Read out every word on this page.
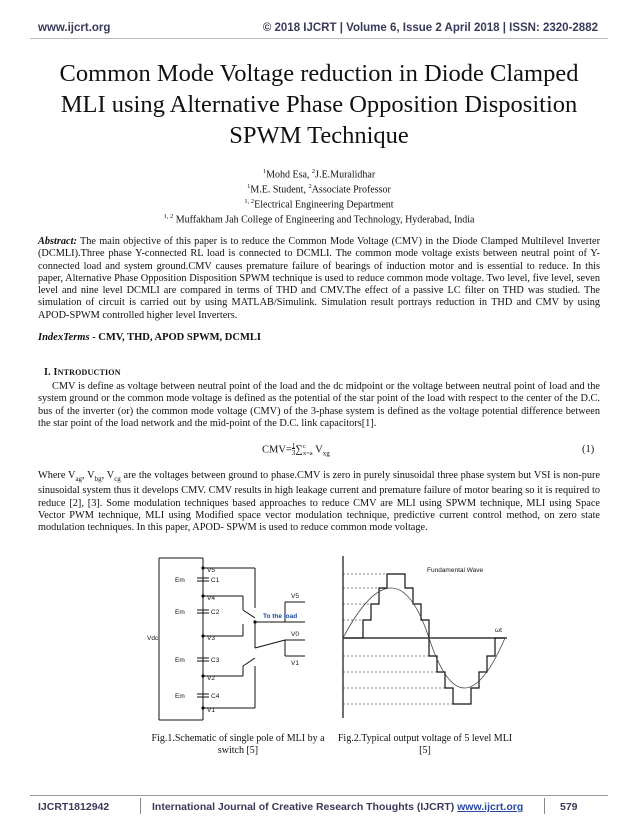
www.ijcrt.org	© 2018 IJCRT | Volume 6, Issue 2 April 2018 | ISSN: 2320-2882
Common Mode Voltage reduction in Diode Clamped MLI using Alternative Phase Opposition Disposition SPWM Technique
$^1$Mohd Esa, $^2$J.E.Muralidhar
$^1$M.E. Student, $^2$Associate Professor
$^{1, 2}$Electrical Engineering Department
$^{1, 2}$ Muffakham Jah College of Engineering and Technology, Hyderabad, India
Abstract: The main objective of this paper is to reduce the Common Mode Voltage (CMV) in the Diode Clamped Multilevel Inverter (DCMLI).Three phase Y-connected RL load is connected to DCMLI. The common mode voltage exists between neutral point of Y-connected load and system ground.CMV causes premature failure of bearings of induction motor and is essential to reduce. In this paper, Alternative Phase Opposition Disposition SPWM technique is used to reduce common mode voltage. Two level, five level, seven level and nine level DCMLI are compared in terms of THD and CMV.The effect of a passive LC filter on THD was studied. The simulation of circuit is carried out by using MATLAB/Simulink. Simulation result portrays reduction in THD and CMV by using APOD-SPWM controlled higher level Inverters.
IndexTerms - CMV, THD, APOD SPWM, DCMLI
I. INTRODUCTION
CMV is define as voltage between neutral point of the load and the dc midpoint or the voltage between neutral point of load and the system ground or the common mode voltage is defined as the potential of the star point of the load with respect to the center of the D.C. bus of the inverter (or) the common mode voltage (CMV) of the 3-phase system is defined as the voltage potential difference between the star point of the load network and the mid-point of the D.C. link capacitors[1].
$CMV=\frac{1}{3}\sum c$
x=a $V_{xg}$	(1)
Where $V_{ag}$, $V_{bg}$, $V_{cg}$ are the voltages between ground to phase.CMV is zero in purely sinusoidal three phase system but VSI is non-pure sinusoidal system thus it develops CMV. CMV results in high leakage current and premature failure of motor bearing so it is required to reduce [2], [3]. Some modulation techniques based approaches to reduce CMV are MLI using SPWM technique, MLI using Space Vector PWM technique, MLI using Modified space vector modulation technique, predictive current control method, on zero state modulation techniques. In this paper, APOD- SPWM is used to reduce common mode voltage.
Vdc
V5
V4
V3
V2
V1
C1
C2
C3
C4
Em
Em
Em
Em
V5
V0
V1
To the load
Fundamental Wave
ωt
Fig.1.Schematic of single pole of MLI by a switch [5]
Fig.2.Typical output voltage of 5 level MLI [5]
IJCRT1812942	International Journal of Creative Research Thoughts (IJCRT) www.ijcrt.org	579
